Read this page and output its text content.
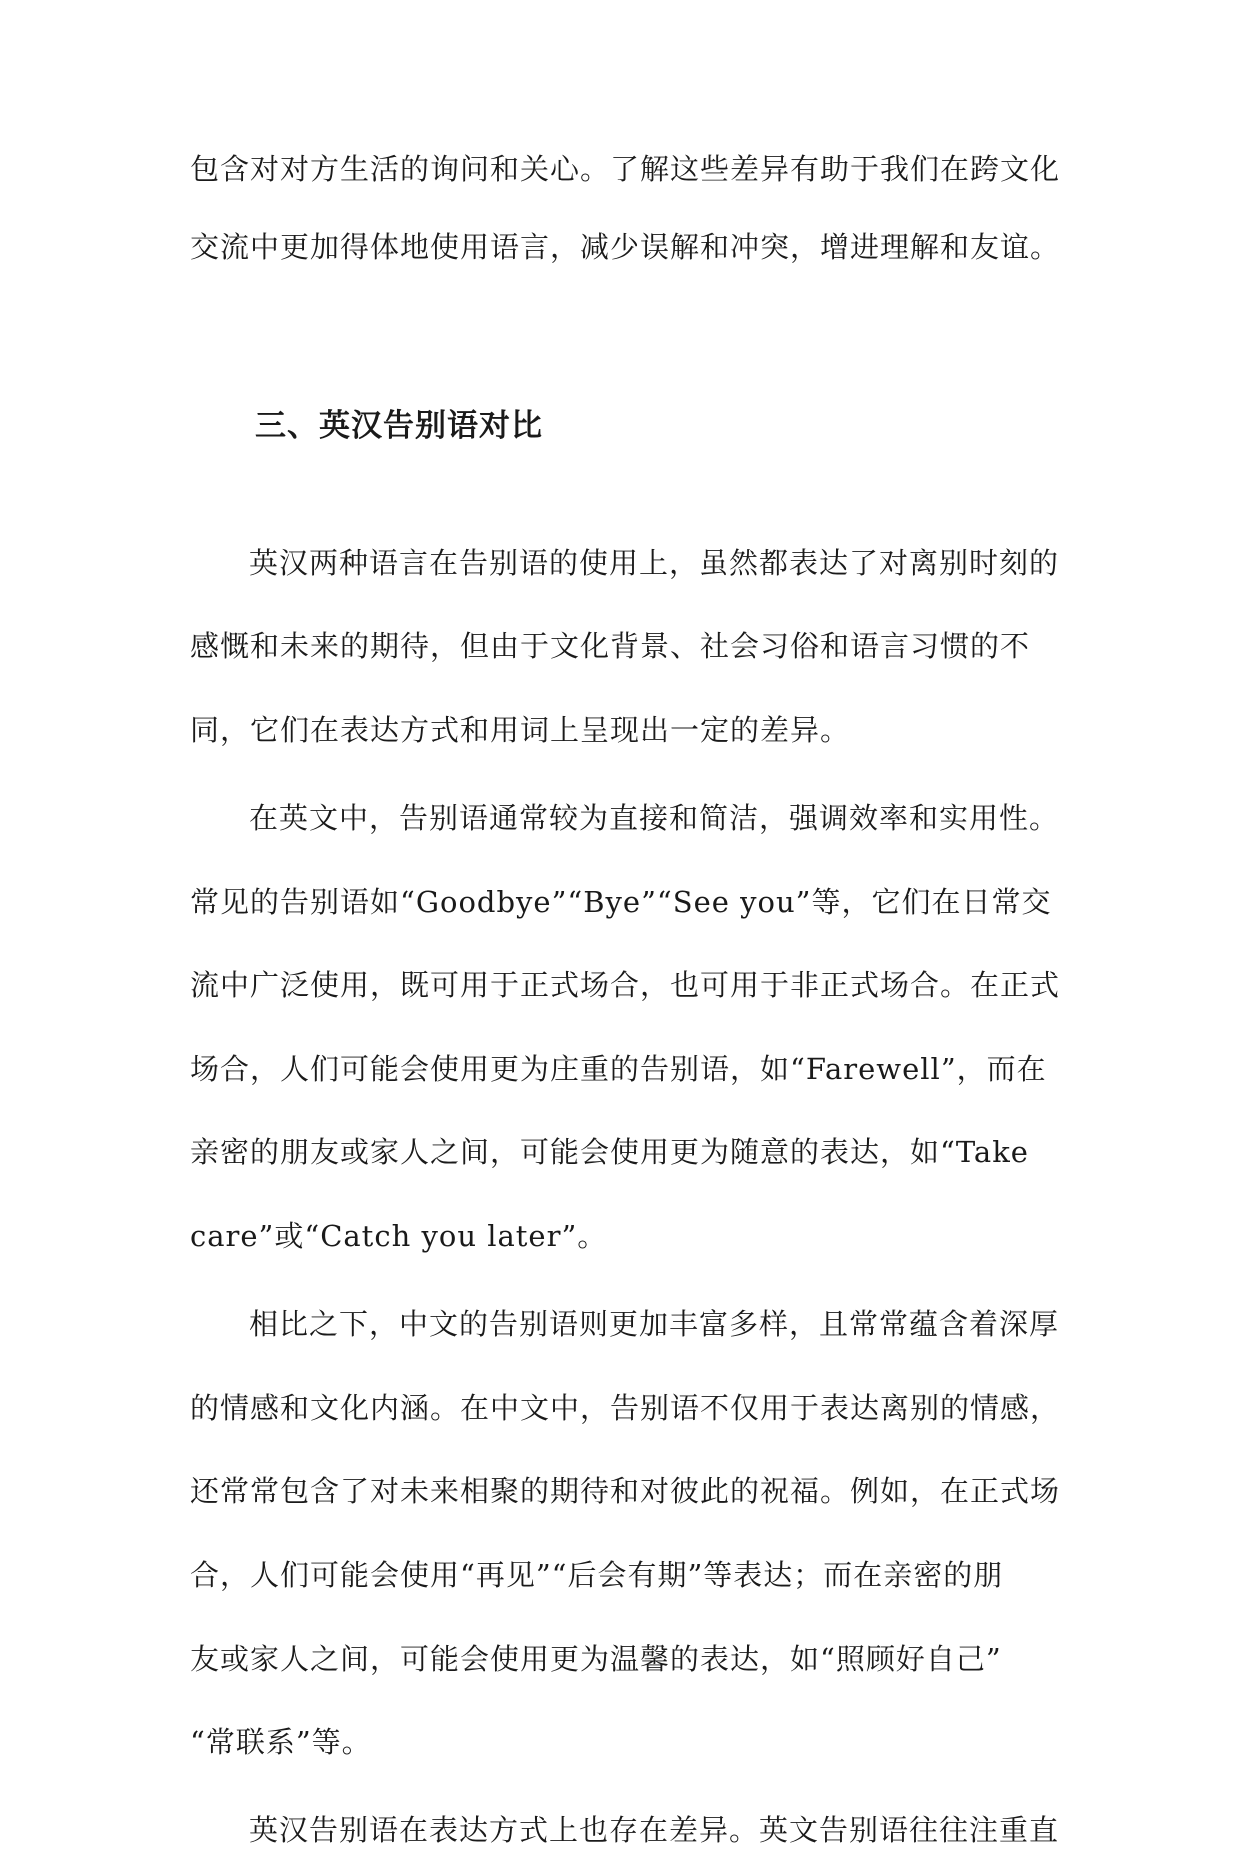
包含对对方生活的询问和关心。了解这些差异有助于我们在跨文化
交流中更加得体地使用语言，减少误解和冲突，增进理解和友谊。
三、英汉告别语对比
英汉两种语言在告别语的使用上，虽然都表达了对离别时刻的
感慨和未来的期待，但由于文化背景、社会习俗和语言习惯的不
同，它们在表达方式和用词上呈现出一定的差异。
在英文中，告别语通常较为直接和简洁，强调效率和实用性。
常见的告别语如“Goodbye”“Bye”“See you”等，它们在日常交
流中广泛使用，既可用于正式场合，也可用于非正式场合。在正式
场合，人们可能会使用更为庄重的告别语，如“Farewell”，而在
亲密的朋友或家人之间，可能会使用更为随意的表达，如“Take
care”或“Catch you later”。
相比之下，中文的告别语则更加丰富多样，且常常蕴含着深厚
的情感和文化内涵。在中文中，告别语不仅用于表达离别的情感，
还常常包含了对未来相聚的期待和对彼此的祝福。例如，在正式场
合，人们可能会使用“再见”“后会有期”等表达；而在亲密的朋
友或家人之间，可能会使用更为温馨的表达，如“照顾好自己”
“常联系”等。
英汉告别语在表达方式上也存在差异。英文告别语往往注重直
